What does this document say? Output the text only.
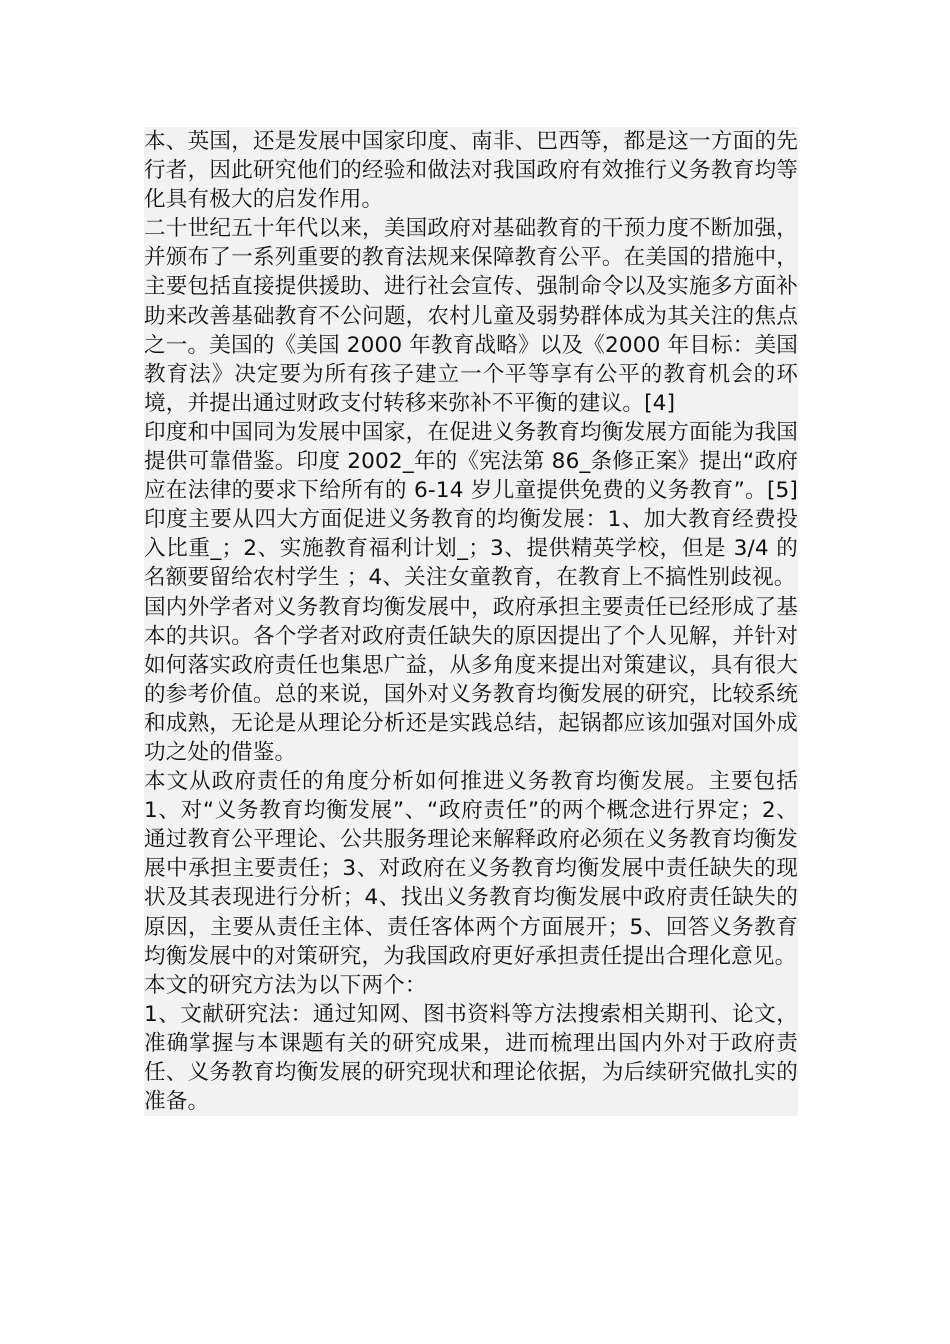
本、英国，还是发展中国家印度、南非、巴西等，都是这一方面的先行者，因此研究他们的经验和做法对我国政府有效推行义务教育均等化具有极大的启发作用。

二十世纪五十年代以来，美国政府对基础教育的干预力度不断加强，并颁布了一系列重要的教育法规来保障教育公平。在美国的措施中，主要包括直接提供援助、进行社会宣传、强制命令以及实施多方面补助来改善基础教育不公问题，农村儿童及弱势群体成为其关注的焦点之一。美国的《美国 2000 年教育战略》以及《2000 年目标：美国教育法》决定要为所有孩子建立一个平等享有公平的教育机会的环境，并提出通过财政支付转移来弥补不平衡的建议。[4]

印度和中国同为发展中国家，在促进义务教育均衡发展方面能为我国提供可靠借鉴。印度 2002_年的《宪法第 86_条修正案》提出“政府应在法律的要求下给所有的 6-14 岁儿童提供免费的义务教育”。[5]印度主要从四大方面促进义务教育的均衡发展：1、加大教育经费投入比重_；2、实施教育福利计划_；3、提供精英学校，但是 3/4 的名额要留给农村学生 ；4、关注女童教育，在教育上不搞性别歧视。

国内外学者对义务教育均衡发展中，政府承担主要责任已经形成了基本的共识。各个学者对政府责任缺失的原因提出了个人见解，并针对如何落实政府责任也集思广益，从多角度来提出对策建议，具有很大的参考价值。总的来说，国外对义务教育均衡发展的研究，比较系统和成熟，无论是从理论分析还是实践总结，起锅都应该加强对国外成功之处的借鉴。

本文从政府责任的角度分析如何推进义务教育均衡发展。主要包括1、对“义务教育均衡发展”、“政府责任”的两个概念进行界定；2、通过教育公平理论、公共服务理论来解释政府必须在义务教育均衡发展中承担主要责任；3、对政府在义务教育均衡发展中责任缺失的现状及其表现进行分析；4、找出义务教育均衡发展中政府责任缺失的原因，主要从责任主体、责任客体两个方面展开；5、回答义务教育均衡发展中的对策研究，为我国政府更好承担责任提出合理化意见。

本文的研究方法为以下两个：

1、文献研究法：通过知网、图书资料等方法搜索相关期刊、论文，准确掌握与本课题有关的研究成果，进而梳理出国内外对于政府责任、义务教育均衡发展的研究现状和理论依据，为后续研究做扎实的准备。
